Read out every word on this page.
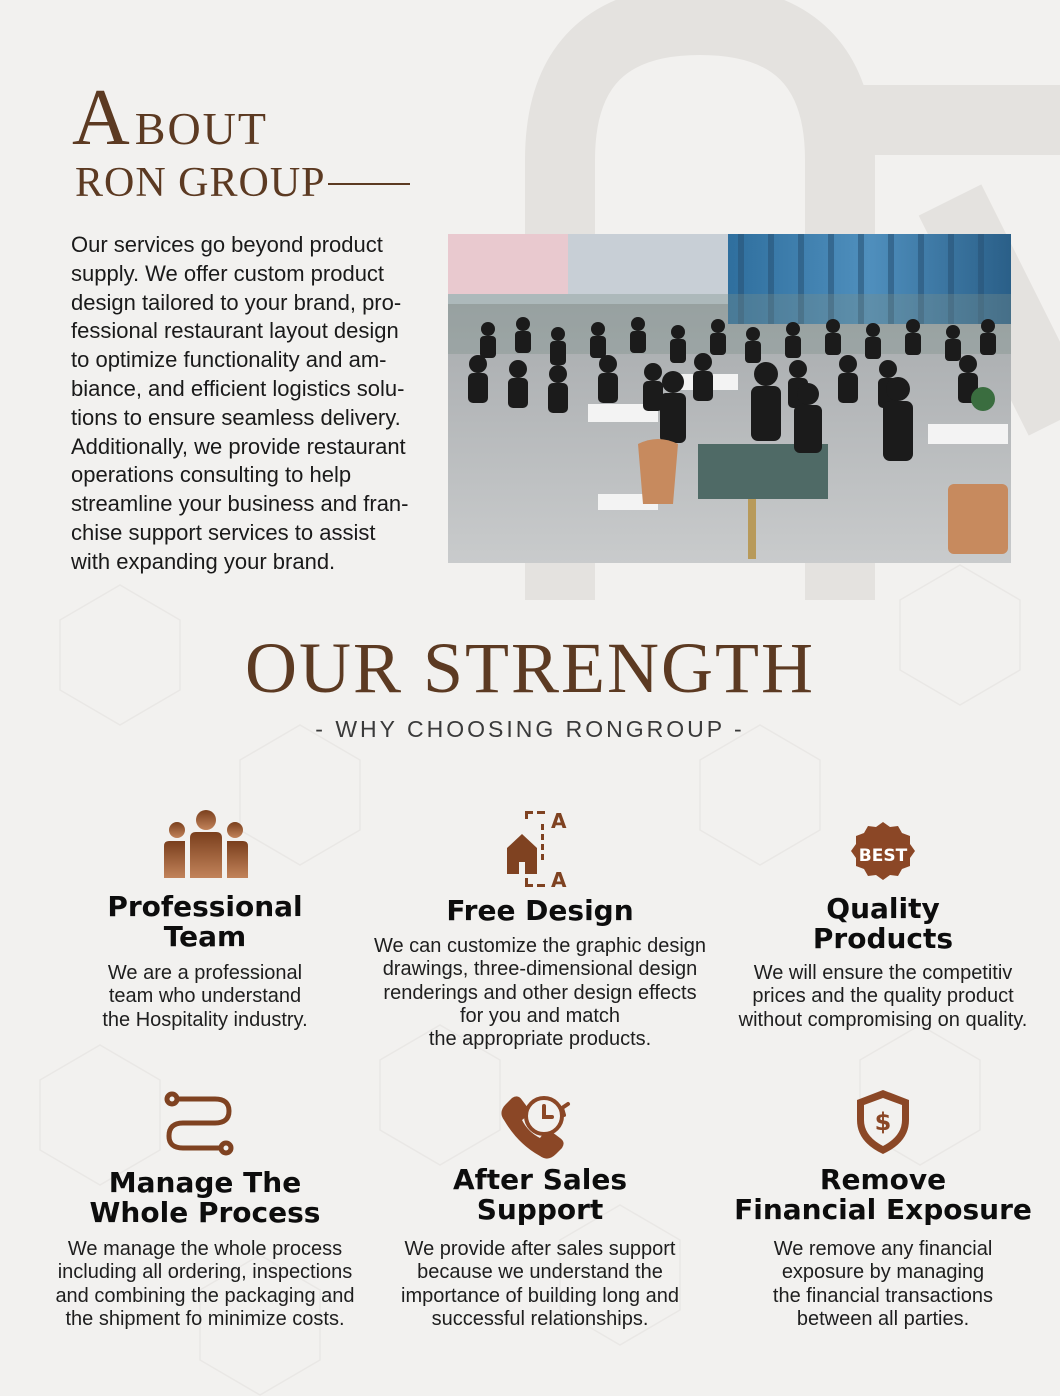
A BOUT
RON GROUP

Our services go beyond product
supply. We offer custom product
design tailored to your brand, pro-
fessional restaurant layout design
to optimize functionality and am-
biance, and efficient logistics solu-
tions to ensure seamless delivery.
Additionally, we provide restaurant
operations consulting to help
streamline your business and fran-
chise support services to assist
with expanding your brand.

OUR STRENGTH
- WHY CHOOSING RONGROUP -
Professional
Team
We are a professional
team who understand
the Hospitality industry.
A
A
Free Design
We can customize the graphic design
drawings, three-dimensional design
renderings and other design effects
for you and match
the appropriate products.
BEST
Quality
Products
We will ensure the competitiv
prices and the quality product
without compromising on quality.
Manage The
Whole Process
We manage the whole process
including all ordering, inspections
and combining the packaging and
the shipment fo minimize costs.
After Sales
Support
We provide after sales support
because we understand the
importance of building long and
successful relationships.
$
Remove
Financial Exposure
We remove any financial
exposure by managing
the financial transactions
between all parties.
